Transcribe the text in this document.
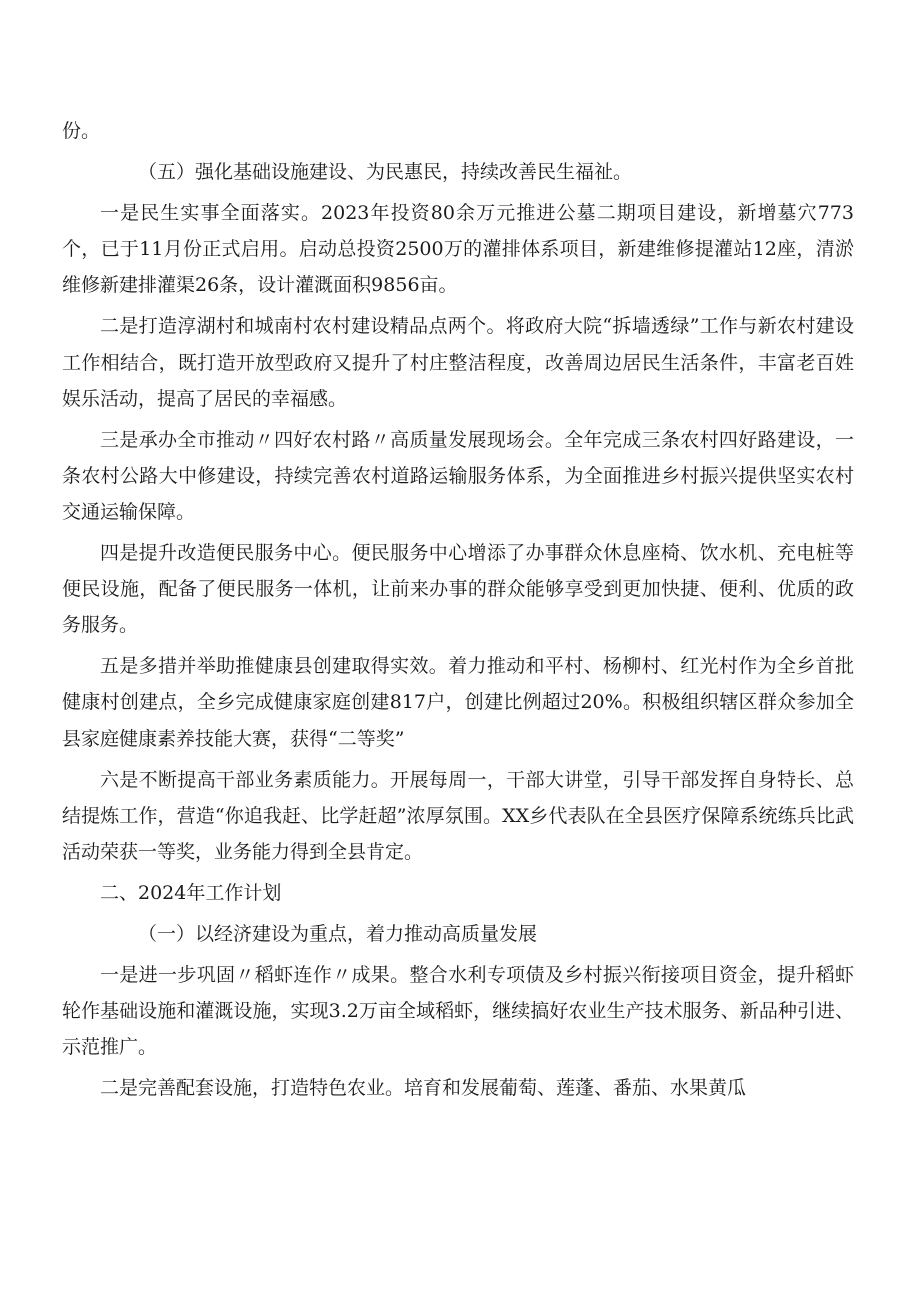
份。

（五）强化基础设施建设、为民惠民，持续改善民生福祉。

一是民生实事全面落实。2023年投资80余万元推进公墓二期项目建设，新增墓穴773个，已于11月份正式启用。启动总投资2500万的灌排体系项目，新建维修提灌站12座，清淤维修新建排灌渠26条，设计灌溉面积9856亩。

二是打造淳湖村和城南村农村建设精品点两个。将政府大院“拆墙透绿”工作与新农村建设工作相结合，既打造开放型政府又提升了村庄整洁程度，改善周边居民生活条件，丰富老百姓娱乐活动，提高了居民的幸福感。

三是承办全市推动〃四好农村路〃高质量发展现场会。全年完成三条农村四好路建设，一条农村公路大中修建设，持续完善农村道路运输服务体系，为全面推进乡村振兴提供坚实农村交通运输保障。

四是提升改造便民服务中心。便民服务中心增添了办事群众休息座椅、饮水机、充电桩等便民设施，配备了便民服务一体机，让前来办事的群众能够享受到更加快捷、便利、优质的政务服务。

五是多措并举助推健康县创建取得实效。着力推动和平村、杨柳村、红光村作为全乡首批健康村创建点，全乡完成健康家庭创建817户，创建比例超过20%。积极组织辖区群众参加全县家庭健康素养技能大赛，获得“二等奖”

六是不断提高干部业务素质能力。开展每周一，干部大讲堂，引导干部发挥自身特长、总结提炼工作，营造“你追我赶、比学赶超”浓厚氛围。XX乡代表队在全县医疗保障系统练兵比武活动荣获一等奖，业务能力得到全县肯定。

二、2024年工作计划

（一）以经济建设为重点，着力推动高质量发展

一是进一步巩固〃稻虾连作〃成果。整合水利专项债及乡村振兴衔接项目资金，提升稻虾轮作基础设施和灌溉设施，实现3.2万亩全域稻虾，继续搞好农业生产技术服务、新品种引进、示范推广。

二是完善配套设施，打造特色农业。培育和发展葡萄、莲蓬、番茄、水果黄瓜
